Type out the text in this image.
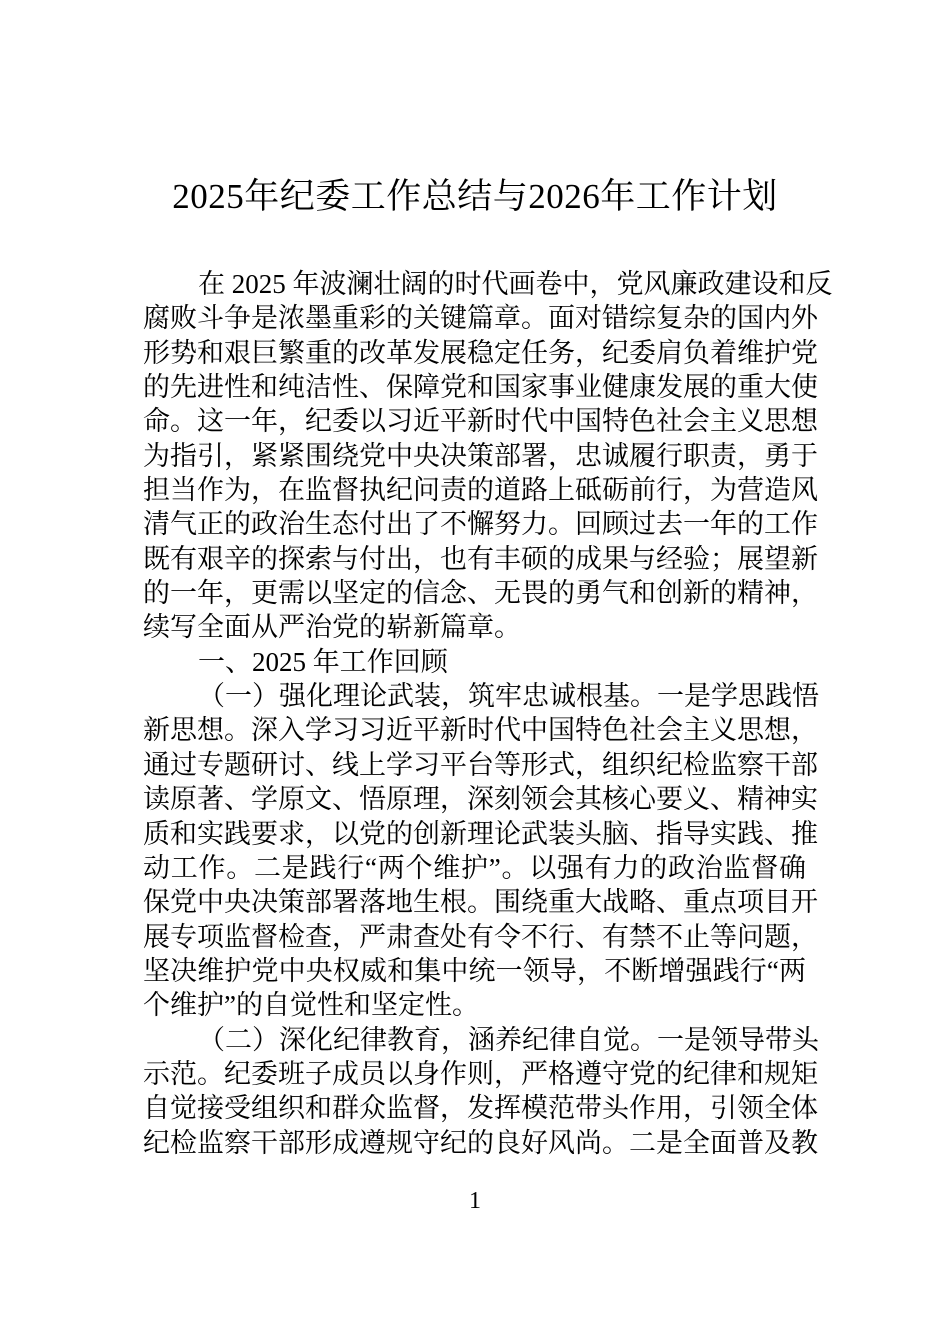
2025年纪委工作总结与2026年工作计划
在 2025 年波澜壮阔的时代画卷中，党风廉政建设和反
腐败斗争是浓墨重彩的关键篇章。面对错综复杂的国内外
形势和艰巨繁重的改革发展稳定任务，纪委肩负着维护党
的先进性和纯洁性、保障党和国家事业健康发展的重大使
命。这一年，纪委以习近平新时代中国特色社会主义思想
为指引，紧紧围绕党中央决策部署，忠诚履行职责，勇于
担当作为，在监督执纪问责的道路上砥砺前行，为营造风
清气正的政治生态付出了不懈努力。回顾过去一年的工作
既有艰辛的探索与付出，也有丰硕的成果与经验；展望新
的一年，更需以坚定的信念、无畏的勇气和创新的精神，
续写全面从严治党的崭新篇章。
一、2025 年工作回顾
（一）强化理论武装，筑牢忠诚根基。一是学思践悟
新思想。深入学习习近平新时代中国特色社会主义思想，
通过专题研讨、线上学习平台等形式，组织纪检监察干部
读原著、学原文、悟原理，深刻领会其核心要义、精神实
质和实践要求，以党的创新理论武装头脑、指导实践、推
动工作。二是践行“两个维护”。以强有力的政治监督确
保党中央决策部署落地生根。围绕重大战略、重点项目开
展专项监督检查，严肃查处有令不行、有禁不止等问题，
坚决维护党中央权威和集中统一领导，不断增强践行“两
个维护”的自觉性和坚定性。
（二）深化纪律教育，涵养纪律自觉。一是领导带头
示范。纪委班子成员以身作则，严格遵守党的纪律和规矩
自觉接受组织和群众监督，发挥模范带头作用，引领全体
纪检监察干部形成遵规守纪的良好风尚。二是全面普及教
1
